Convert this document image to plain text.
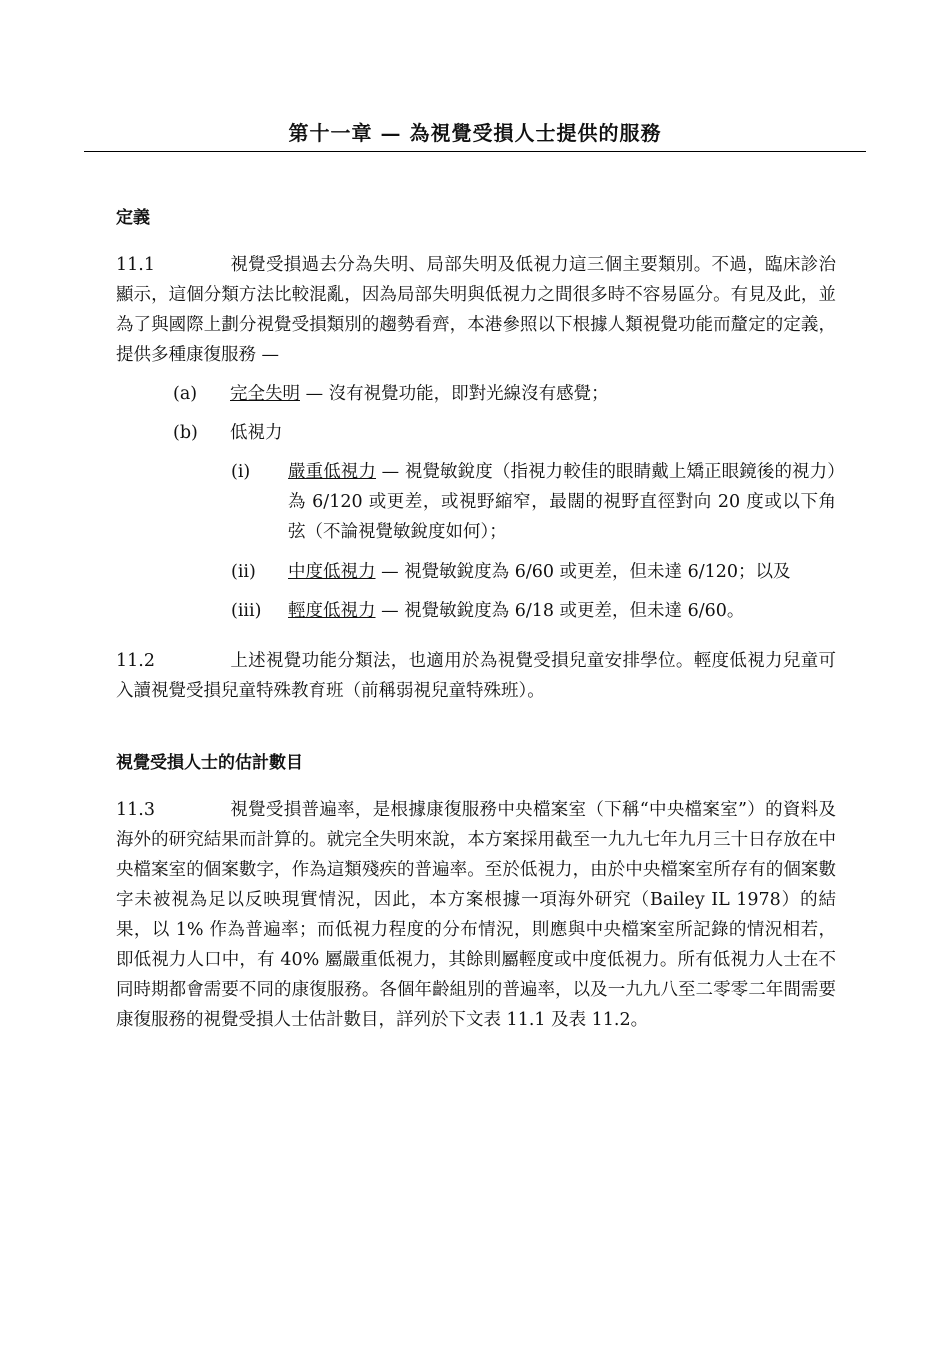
第十一章 — 為視覺受損人士提供的服務
定義
11.1	視覺受損過去分為失明、局部失明及低視力這三個主要類別。不過，臨床診治顯示，這個分類方法比較混亂，因為局部失明與低視力之間很多時不容易區分。有見及此，並為了與國際上劃分視覺受損類別的趨勢看齊，本港參照以下根據人類視覺功能而釐定的定義，提供多種康復服務 —
(a) 完全失明 — 沒有視覺功能，即對光線沒有感覺；
(b) 低視力
(i) 嚴重低視力 — 視覺敏銳度（指視力較佳的眼睛戴上矯正眼鏡後的視力）為 6/120 或更差，或視野縮窄，最闊的視野直徑對向 20 度或以下角弦（不論視覺敏銳度如何）；
(ii) 中度低視力 — 視覺敏銳度為 6/60 或更差，但未達 6/120；以及
(iii) 輕度低視力 — 視覺敏銳度為 6/18 或更差，但未達 6/60。
11.2	上述視覺功能分類法，也適用於為視覺受損兒童安排學位。輕度低視力兒童可入讀視覺受損兒童特殊教育班（前稱弱視兒童特殊班）。
視覺受損人士的估計數目
11.3	視覺受損普遍率，是根據康復服務中央檔案室（下稱“中央檔案室”）的資料及海外的研究結果而計算的。就完全失明來說，本方案採用截至一九九七年九月三十日存放在中央檔案室的個案數字，作為這類殘疾的普遍率。至於低視力，由於中央檔案室所存有的個案數字未被視為足以反映現實情況，因此，本方案根據一項海外研究（Bailey IL 1978）的結果，以 1% 作為普遍率；而低視力程度的分布情況，則應與中央檔案室所記錄的情況相若，即低視力人口中，有 40% 屬嚴重低視力，其餘則屬輕度或中度低視力。所有低視力人士在不同時期都會需要不同的康復服務。各個年齡組別的普遍率，以及一九九八至二零零二年間需要康復服務的視覺受損人士估計數目，詳列於下文表 11.1 及表 11.2。
